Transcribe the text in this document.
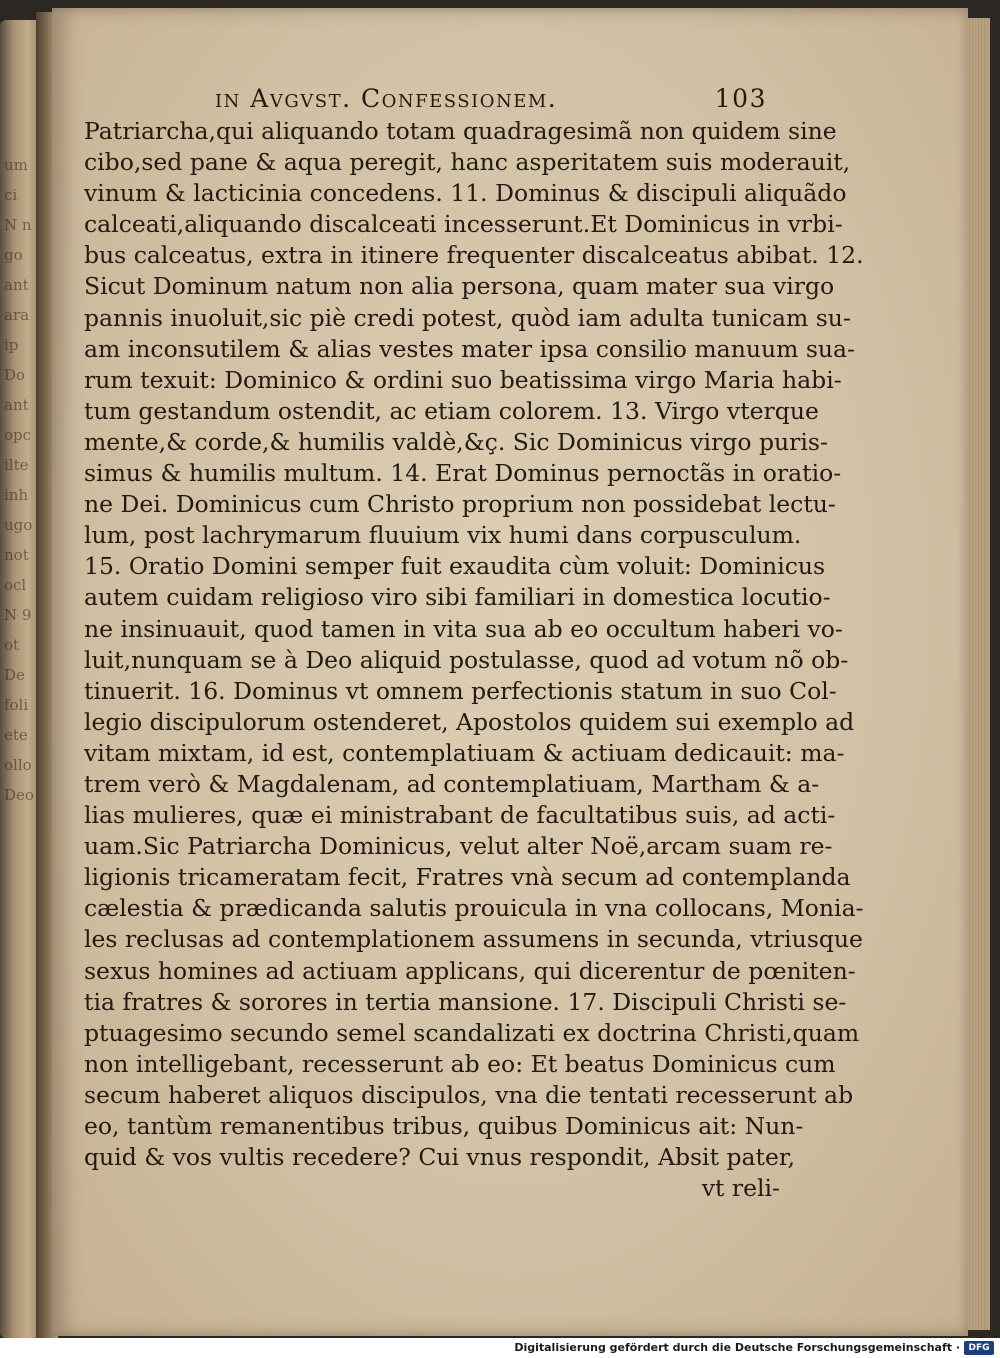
um ci N ngo ant ara ip Do ant opc ilte inh ugo not ocl N 9 ot De foli ete ollo Deo
in Avgvst. Confessionem.	103
Patriarcha,qui aliquando totam quadragesimã non quidem sine
cibo,sed pane & aqua peregit, hanc asperitatem suis moderauit,
vinum & lacticinia concedens. 11. Dominus & discipuli aliquãdo
calceati,aliquando discalceati incesserunt.Et Dominicus in vrbi-
bus calceatus, extra in itinere frequenter discalceatus abibat. 12.
Sicut Dominum natum non alia persona, quam mater sua virgo
pannis inuoluit,sic piè credi potest, quòd iam adulta tunicam su-
am inconsutilem & alias vestes mater ipsa consilio manuum sua-
rum texuit: Dominico & ordini suo beatissima virgo Maria habi-
tum gestandum ostendit, ac etiam colorem. 13. Virgo vterque
mente,& corde,& humilis valdè,&ç. Sic Dominicus virgo puris-
simus & humilis multum. 14. Erat Dominus pernoctãs in oratio-
ne Dei. Dominicus cum Christo proprium non possidebat lectu-
lum, post lachrymarum fluuium vix humi dans corpusculum.
15. Oratio Domini semper fuit exaudita cùm voluit: Dominicus
autem cuidam religioso viro sibi familiari in domestica locutio-
ne insinuauit, quod tamen in vita sua ab eo occultum haberi vo-
luit,nunquam se à Deo aliquid postulasse, quod ad votum nõ ob-
tinuerit. 16. Dominus vt omnem perfectionis statum in suo Col-
legio discipulorum ostenderet, Apostolos quidem sui exemplo ad
vitam mixtam, id est, contemplatiuam & actiuam dedicauit: ma-
trem verò & Magdalenam, ad contemplatiuam, Martham & a-
lias mulieres, quæ ei ministrabant de facultatibus suis, ad acti-
uam.Sic Patriarcha Dominicus, velut alter Noë,arcam suam re-
ligionis tricameratam fecit, Fratres vnà secum ad contemplanda
cælestia & prædicanda salutis prouicula in vna collocans, Monia-
les reclusas ad contemplationem assumens in secunda, vtriusque
sexus homines ad actiuam applicans, qui dicerentur de pœniten-
tia fratres & sorores in tertia mansione. 17. Discipuli Christi se-
ptuagesimo secundo semel scandalizati ex doctrina Christi,quam
non intelligebant, recesserunt ab eo: Et beatus Dominicus cum
secum haberet aliquos discipulos, vna die tentati recesserunt ab
eo, tantùm remanentibus tribus, quibus Dominicus ait: Nun-
quid & vos vultis recedere? Cui vnus respondit, Absit pater,
vt reli-
Digitalisierung gefördert durch die Deutsche Forschungsgemeinschaft · DFG
